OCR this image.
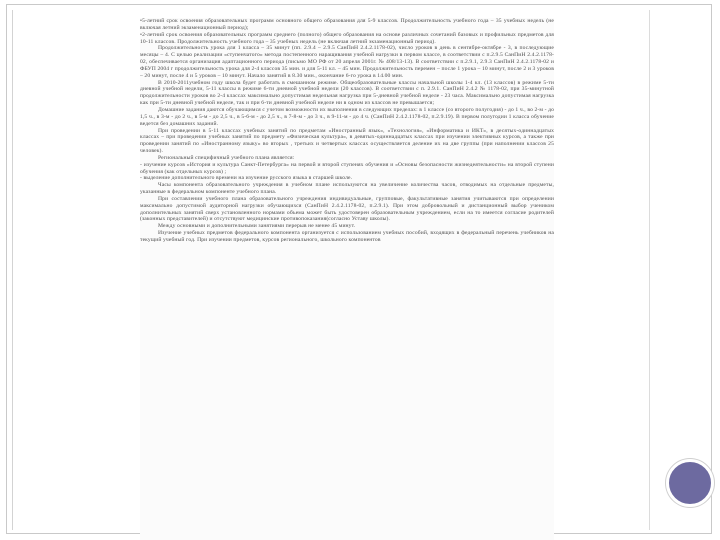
•5-летний срок освоения образовательных программ основного общего образования для 5-9 классов. Продолжительность учебного года – 35 учебных недель (не включая летний экзаменационный период);

•2-летний срок освоения образовательных программ среднего (полного) общего образования на основе различных сочетаний базовых и профильных предметов для 10-11 классов. Продолжительность учебного года – 35 учебных недель (не включая летний экзаменационный период).

Продолжительность урока для 1 класса – 35 минут (пп. 2.9.4 – 2.9.5 СанПиН 2.4.2.1178-02), число уроков в день в сентябре-октябре - 3, в последующие месяцы – 4. С целью реализации «ступенчатого» метода постепенного наращивания учебной нагрузки в первом классе, в соответствии с п.2.9.5 СанПиН 2.4.2.1178-02, обеспечивается организация адаптационного периода (письмо МО РФ от 20 апреля 2001г. № 408/13-13). В соответствии с п.2.9.1, 2.9.3 СанПиН 2.4.2.1178-02 и ФБУП 2004 г продолжительность урока для 2-4 классов 35 мин. и для 5-11 кл. – 45 мин. Продолжительность перемен – после 1 урока – 10 минут, после 2 и 3 уроков – 20 минут, после 4 и 5 уроков – 10 минут. Начало занятий в 8.30 мин., окончание 6-го урока в 14.00 мин.

В 2010-2011учебном году школа будет работать в смешанном режиме. Общеобразовательные классы начальной школы 1-4 кл. (13 классов) в режиме 5-ти дневной учебной недели, 5-11 классы в режиме 6-ти дневной учебной недели (20 классов). В соответствии с п. 2.9.1. СанПиН 2.4.2 № 1178-02, при 35-минутной продолжительности уроков во 2-4 классах максимально допустимая недельная нагрузка при 5-дневной учебной неделе - 23 часа. Максимально допустимая нагрузка как при 5-ти дневной учебной неделе, так и при 6-ти дневной учебной неделе ни в одном из классов не превышается;

Домашние задания даются обучающимся с учетом возможности их выполнения в следующих пределах: в 1 классе (со второго полугодия) - до 1 ч., во 2-м - до 1,5 ч., в 3-м - до 2 ч., в 5-м - до 2,5 ч., в 5-6-м - до 2,5 ч., в 7-8-м - до 3 ч., в 9-11-м - до 4 ч. (СанПиН 2.4.2.1178-02, п.2.9.19). В первом полугодии 1 класса обучение ведется без домашних заданий.

При проведении в 5-11 классах учебных занятий по предметам «Иностранный язык», «Технология», «Информатика и ИКТ», в десятых-одиннадцатых классах – при проведении учебных занятий по предмету «Физическая культура», в девятых-одиннадцатых классах при изучении элективных курсов, а также при проведении занятий по «Иностранному языку» во вторых , третьих и четвертых классах осуществляется деление их на две группы (при наполнении классов 25 человек).

Региональный специфичный учебного плана является:

- изучение курсов «История и культура Санкт-Петербурга» на первой и второй ступенях обучения и «Основы безопасности жизнедеятельности» на второй ступени обучения (как отдельных курсов) ;

- выделение дополнительного времени на изучение русского языка в старшей школе.

Часы компонента образовательного учреждения в учебном плане используются на увеличение количества часов, отводимых на отдельные предметы, указанные в федеральном компоненте учебного плана.

При составлении учебного плана образовательного учреждения индивидуальные, групповые, факультативные занятия учитываются при определении максимально допустимой аудиторной нагрузки обучающихся (СанПиН 2.4.2.1178-02, п.2.9.1). При этом добровольный и дистанционный выбор учеником дополнительных занятий сверх установленного нормами объема может быть удостоверен образовательным учреждением, если на то имеется согласие родителей (законных представителей) и отсутствуют медицинские противопоказания(согласно Уставу школы).

Между основными и дополнительными занятиями перерыв не менее 45 минут.

Изучение учебных предметов федерального компонента организуется с использованием учебных пособий, входящих в федеральный перечень учебников на текущий учебный год. При изучении предметов, курсов регионального, школьного компонентов
